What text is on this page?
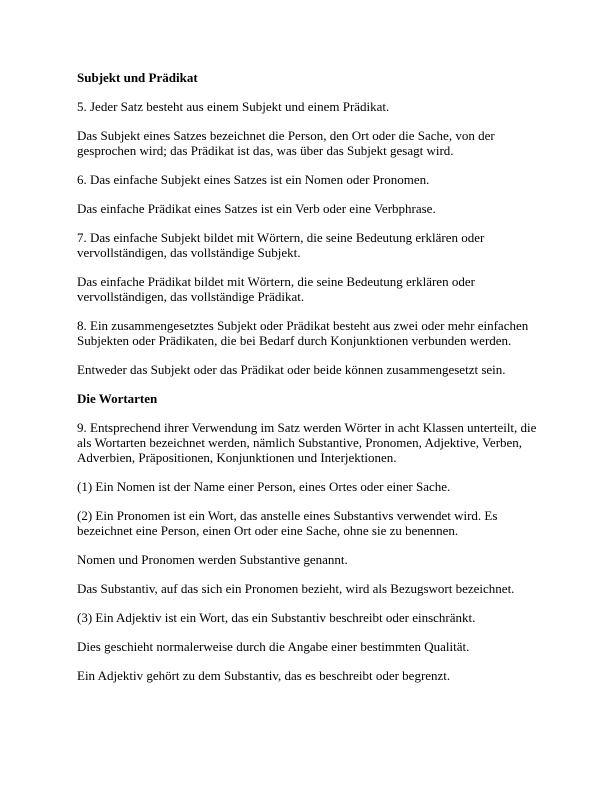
Subjekt und Prädikat

5. Jeder Satz besteht aus einem Subjekt und einem Prädikat.

Das Subjekt eines Satzes bezeichnet die Person, den Ort oder die Sache, von der gesprochen wird; das Prädikat ist das, was über das Subjekt gesagt wird.

6. Das einfache Subjekt eines Satzes ist ein Nomen oder Pronomen.

Das einfache Prädikat eines Satzes ist ein Verb oder eine Verbphrase.

7. Das einfache Subjekt bildet mit Wörtern, die seine Bedeutung erklären oder vervollständigen, das vollständige Subjekt.

Das einfache Prädikat bildet mit Wörtern, die seine Bedeutung erklären oder vervollständigen, das vollständige Prädikat.

8. Ein zusammengesetztes Subjekt oder Prädikat besteht aus zwei oder mehr einfachen Subjekten oder Prädikaten, die bei Bedarf durch Konjunktionen verbunden werden.

Entweder das Subjekt oder das Prädikat oder beide können zusammengesetzt sein.

Die Wortarten

9. Entsprechend ihrer Verwendung im Satz werden Wörter in acht Klassen unterteilt, die als Wortarten bezeichnet werden, nämlich Substantive, Pronomen, Adjektive, Verben, Adverbien, Präpositionen, Konjunktionen und Interjektionen.

(1) Ein Nomen ist der Name einer Person, eines Ortes oder einer Sache.

(2) Ein Pronomen ist ein Wort, das anstelle eines Substantivs verwendet wird. Es bezeichnet eine Person, einen Ort oder eine Sache, ohne sie zu benennen.

Nomen und Pronomen werden Substantive genannt.

Das Substantiv, auf das sich ein Pronomen bezieht, wird als Bezugswort bezeichnet.

(3) Ein Adjektiv ist ein Wort, das ein Substantiv beschreibt oder einschränkt.

Dies geschieht normalerweise durch die Angabe einer bestimmten Qualität.

Ein Adjektiv gehört zu dem Substantiv, das es beschreibt oder begrenzt.
